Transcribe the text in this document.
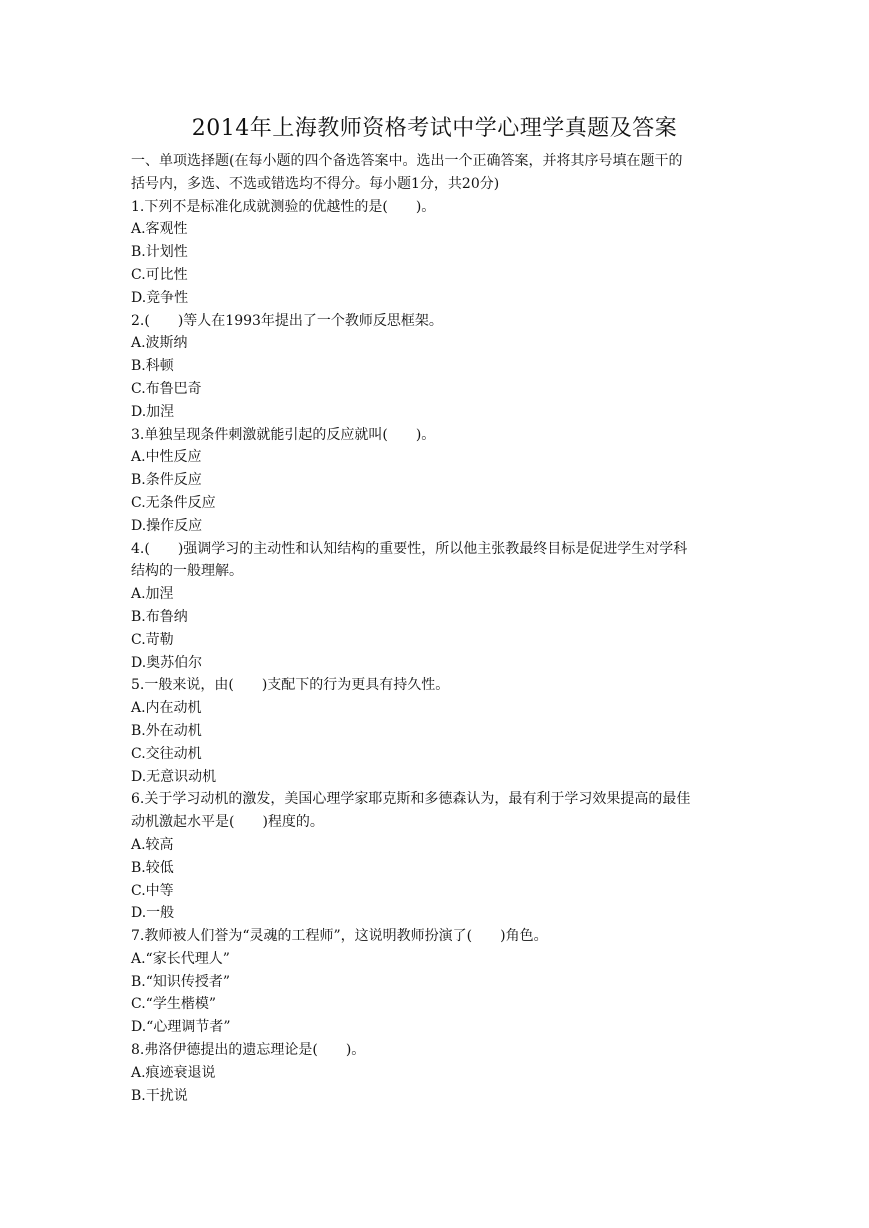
2014年上海教师资格考试中学心理学真题及答案

一、单项选择题(在每小题的四个备选答案中。选出一个正确答案，并将其序号填在题干的

括号内，多选、不选或错选均不得分。每小题1分，共20分)

1.下列不是标准化成就测验的优越性的是(　　)。

A.客观性
B.计划性
C.可比性
D.竞争性

2.(　　)等人在1993年提出了一个教师反思框架。

A.波斯纳
B.科顿
C.布鲁巴奇
D.加涅

3.单独呈现条件刺激就能引起的反应就叫(　　)。

A.中性反应
B.条件反应
C.无条件反应
D.操作反应

4.(　　)强调学习的主动性和认知结构的重要性，所以他主张教最终目标是促进学生对学科

结构的一般理解。

A.加涅
B.布鲁纳
C.苛勒
D.奥苏伯尔

5.一般来说，由(　　)支配下的行为更具有持久性。

A.内在动机
B.外在动机
C.交往动机
D.无意识动机

6.关于学习动机的激发，美国心理学家耶克斯和多德森认为，最有利于学习效果提高的最佳

动机激起水平是(　　)程度的。

A.较高
B.较低
C.中等
D.一般

7.教师被人们誉为“灵魂的工程师”，这说明教师扮演了(　　)角色。

A.“家长代理人”
B.“知识传授者”
C.“学生楷模”
D.“心理调节者”

8.弗洛伊德提出的遗忘理论是(　　)。

A.痕迹衰退说
B.干扰说
